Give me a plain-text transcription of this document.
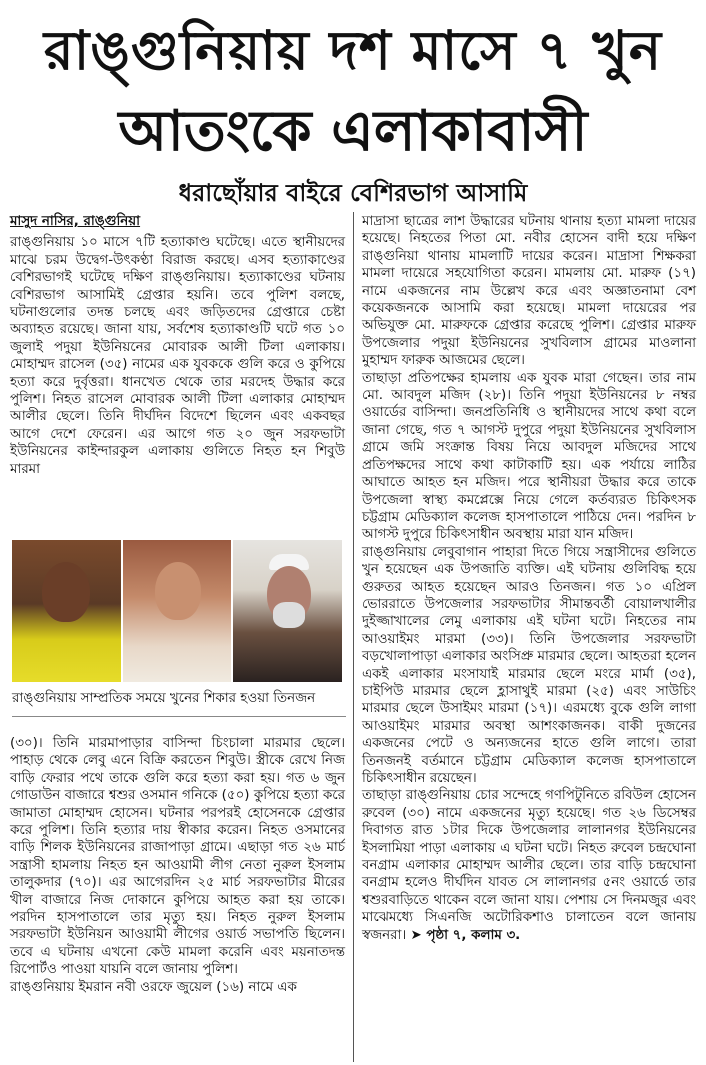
রাঙ্গুনিয়ায় দশ মাসে ৭ খুন
আতংকে এলাকাবাসী
ধরাছোঁয়ার বাইরে বেশিরভাগ আসামি

মাসুদ নাসির, রাঙ্গুনিয়া

রাঙ্গুনিয়ায় ১০ মাসে ৭টি হত্যাকাণ্ড ঘটেছে। এতে স্থানীয়দের মাঝে চরম উদ্বেগ-উৎকণ্ঠা বিরাজ করছে। এসব হত্যাকাণ্ডের বেশিরভাগই ঘটেছে দক্ষিণ রাঙ্গুনিয়ায়। হত্যাকাণ্ডের ঘটনায় বেশিরভাগ আসামিই গ্রেপ্তার হয়নি। তবে পুলিশ বলছে, ঘটনাগুলোর তদন্ত চলছে এবং জড়িতদের গ্রেপ্তারে চেষ্টা অব্যাহত রয়েছে। জানা যায়, সর্বশেষ হত্যাকাণ্ডটি ঘটে গত ১০ জুলাই পদুয়া ইউনিয়নের মোবারক আলী টিলা এলাকায়। মোহাম্মদ রাসেল (৩৫) নামের এক যুবককে গুলি করে ও কুপিয়ে হত্যা করে দুর্বৃত্তরা। ধানখেত থেকে তার মরদেহ উদ্ধার করে পুলিশ। নিহত রাসেল মোবারক আলী টিলা এলাকার মোহাম্মদ আলীর ছেলে। তিনি দীর্ঘদিন বিদেশে ছিলেন এবং একবছর আগে দেশে ফেরেন। এর আগে গত ২০ জুন সরফভাটা ইউনিয়নের কাইন্দারকুল এলাকায় গুলিতে নিহত হন শিবুউ মারমা

রাঙ্গুনিয়ায় সাম্প্রতিক সময়ে খুনের শিকার হওয়া তিনজন

(৩০)। তিনি মারমাপাড়ার বাসিন্দা চিংচালা মারমার ছেলে। পাহাড় থেকে লেবু এনে বিক্রি করতেন শিবুউ। স্ত্রীকে রেখে নিজ বাড়ি ফেরার পথে তাকে গুলি করে হত্যা করা হয়। গত ৬ জুন গোডাউন বাজারে শ্বশুর ওসমান গনিকে (৫০) কুপিয়ে হত্যা করে জামাতা মোহাম্মদ হোসেন। ঘটনার পরপরই হোসেনকে গ্রেপ্তার করে পুলিশ। তিনি হত্যার দায় স্বীকার করেন। নিহত ওসমানের বাড়ি শিলক ইউনিয়নের রাজাপাড়া গ্রামে। এছাড়া গত ২৬ মার্চ সন্ত্রাসী হামলায় নিহত হন আওয়ামী লীগ নেতা নুরুল ইসলাম তালুকদার (৭০)। এর আগেরদিন ২৫ মার্চ সরফভাটার মীরের খীল বাজারে নিজ দোকানে কুপিয়ে আহত করা হয় তাকে। পরদিন হাসপাতালে তার মৃত্যু হয়। নিহত নুরুল ইসলাম সরফভাটা ইউনিয়ন আওয়ামী লীগের ওয়ার্ড সভাপতি ছিলেন। তবে এ ঘটনায় এখনো কেউ মামলা করেনি এবং ময়নাতদন্ত রিপোর্টও পাওয়া যায়নি বলে জানায় পুলিশ।

রাঙ্গুনিয়ায় ইমরান নবী ওরফে জুয়েল (১৬) নামে এক

মাদ্রাসা ছাত্রের লাশ উদ্ধারের ঘটনায় থানায় হত্যা মামলা দায়ের হয়েছে। নিহতের পিতা মো. নবীর হোসেন বাদী হয়ে দক্ষিণ রাঙ্গুনিয়া থানায় মামলাটি দায়ের করেন। মাদ্রাসা শিক্ষকরা মামলা দায়েরে সহযোগিতা করেন। মামলায় মো. মারুফ (১৭) নামে একজনের নাম উল্লেখ করে এবং অজ্ঞাতনামা বেশ কয়েকজনকে আসামি করা হয়েছে। মামলা দায়েরের পর অভিযুক্ত মো. মারুফকে গ্রেপ্তার করেছে পুলিশ। গ্রেপ্তার মারুফ উপজেলার পদুয়া ইউনিয়নের সুখবিলাস গ্রামের মাওলানা মুহাম্মদ ফারুক আজমের ছেলে।

তাছাড়া প্রতিপক্ষের হামলায় এক যুবক মারা গেছেন। তার নাম মো. আবদুল মজিদ (২৮)। তিনি পদুয়া ইউনিয়নের ৮ নম্বর ওয়ার্ডের বাসিন্দা। জনপ্রতিনিধি ও স্থানীয়দের সাথে কথা বলে জানা গেছে, গত ৭ আগস্ট দুপুরে পদুয়া ইউনিয়নের সুখবিলাস গ্রামে জমি সংক্রান্ত বিষয় নিয়ে আবদুল মজিদের সাথে প্রতিপক্ষদের সাথে কথা কাটাকাটি হয়। এক পর্যায়ে লাঠির আঘাতে আহত হন মজিদ। পরে স্থানীয়রা উদ্ধার করে তাকে উপজেলা স্বাস্থ্য কমপ্লেক্সে নিয়ে গেলে কর্তব্যরত চিকিৎসক চট্টগ্রাম মেডিক্যাল কলেজ হাসপাতালে পাঠিয়ে দেন। পরদিন ৮ আগস্ট দুপুরে চিকিৎসাধীন অবস্থায় মারা যান মজিদ।

রাঙ্গুনিয়ায় লেবুবাগান পাহারা দিতে গিয়ে সন্ত্রাসীদের গুলিতে খুন হয়েছেন এক উপজাতি ব্যক্তি। এই ঘটনায় গুলিবিদ্ধ হয়ে গুরুতর আহত হয়েছেন আরও তিনজন। গত ১০ এপ্রিল ভোররাতে উপজেলার সরফভাটার সীমান্তবর্তী বোয়ালখালীর দুইজ্জাখালের লেমু এলাকায় এই ঘটনা ঘটে। নিহতের নাম আওয়াইমং মারমা (৩৩)। তিনি উপজেলার সরফভাটা বড়খোলাপাড়া এলাকার অংসিপ্রু মারমার ছেলে। আহতরা হলেন একই এলাকার মংসাযাই মারমার ছেলে মংরে মার্মা (৩৫), চাইপিউ মারমার ছেলে হ্লাসাথুই মারমা (২৫) এবং সাউচিং মারমার ছেলে উসাইমং মারমা (১৭)। এরমধ্যে বুকে গুলি লাগা আওয়াইমং মারমার অবস্থা আশংকাজনক। বাকী দুজনের একজনের পেটে ও অন্যজনের হাতে গুলি লাগে। তারা তিনজনই বর্তমানে চট্টগ্রাম মেডিক্যাল কলেজ হাসপাতালে চিকিৎসাধীন রয়েছেন।

তাছাড়া রাঙ্গুনিয়ায় চোর সন্দেহে গণপিটুনিতে রবিউল হোসেন রুবেল (৩০) নামে একজনের মৃত্যু হয়েছে। গত ২৬ ডিসেম্বর দিবাগত রাত ১টার দিকে উপজেলার লালানগর ইউনিয়নের ইসলামিয়া পাড়া এলাকায় এ ঘটনা ঘটে। নিহত রুবেল চন্দ্রঘোনা বনগ্রাম এলাকার মোহাম্মদ আলীর ছেলে। তার বাড়ি চন্দ্রঘোনা বনগ্রাম হলেও দীর্ঘদিন যাবত সে লালানগর ৫নং ওয়ার্ডে তার শ্বশুরবাড়িতে থাকেন বলে জানা যায়। পেশায় সে দিনমজুর এবং মাঝেমধ্যে সিএনজি অটোরিকশাও চালাতেন বলে জানায় স্বজনরা। ➤ পৃষ্ঠা ৭, কলাম ৩.
